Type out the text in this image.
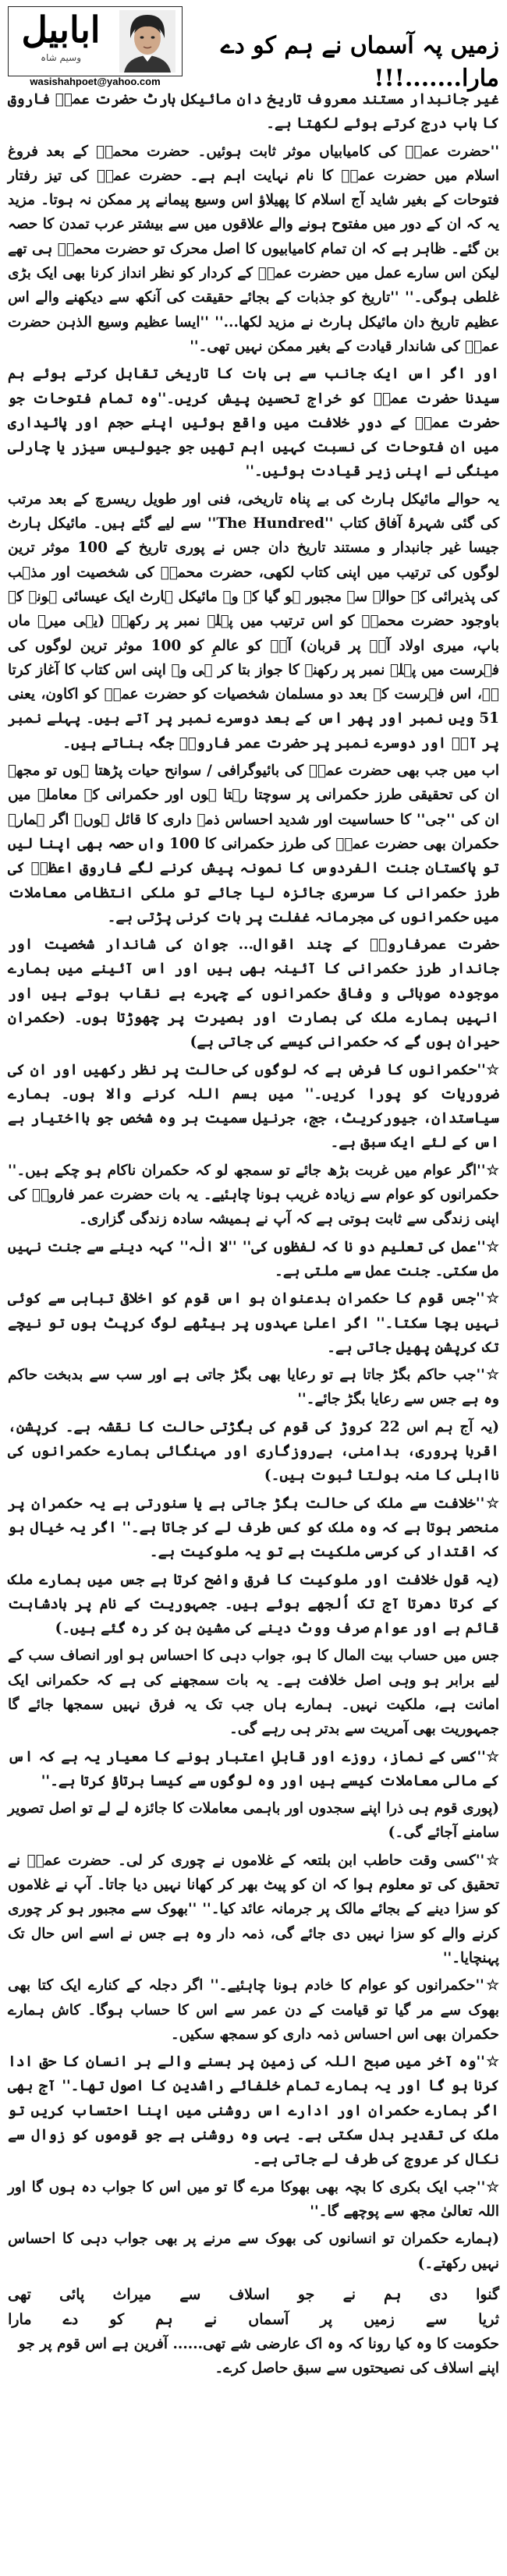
ابابیل
وسیم شاہ
wasishahpoet@yahoo.com
زمیں پہ آسماں نے ہم کو دے مارا.......!!!

غیر جانبدار مستند معروف تاریخ دان مائیکل ہارٹ حضرت عمرؓ فاروق کا باب درج کرتے ہوئے لکھتا ہے۔

''حضرت عمرؓ کی کامیابیاں موثر ثابت ہوئیں۔ حضرت محمدؐ کے بعد فروغ اسلام میں حضرت عمرؓ کا نام نہایت اہم ہے۔ حضرت عمرؓ کی تیز رفتار فتوحات کے بغیر شاید آج اسلام کا پھیلاؤ اس وسیع پیمانے پر ممکن نہ ہوتا۔ مزید یہ کہ ان کے دور میں مفتوح ہونے والے علاقوں میں سے بیشتر عرب تمدن کا حصہ بن گئے۔ ظاہر ہے کہ ان تمام کامیابیوں کا اصل محرک تو حضرت محمدؐ ہی تھے لیکن اس سارے عمل میں حضرت عمرؓ کے کردار کو نظر انداز کرنا بھی ایک بڑی غلطی ہوگی۔'' ''تاریخ کو جذبات کے بجائے حقیقت کی آنکھ سے دیکھنے والے اس عظیم تاریخ دان مائیکل ہارٹ نے مزید لکھا...'' ''ایسا عظیم وسیع الذہن حضرت عمرؓ کی شاندار قیادت کے بغیر ممکن نہیں تھی۔''

اور اگر اس ایک جانب سے ہی بات کا تاریخی تقابل کرتے ہوئے ہم سیدنا حضرت عمرؓ کو خراج تحسین پیش کریں۔''وہ تمام فتوحات جو حضرت عمرؓ کے دورِ خلافت میں واقع ہوئیں اپنے حجم اور پائیداری میں ان فتوحات کی نسبت کہیں اہم تھیں جو جیولیس سیزر یا چارلی مینگی نے اپنی زیر قیادت ہوئیں۔''

یہ حوالے مائیکل ہارٹ کی بے پناہ تاریخی، فنی اور طویل ریسرچ کے بعد مرتب کی گئی شہرۂ آفاق کتاب ''The Hundred'' سے لیے گئے ہیں۔ مائیکل ہارٹ جیسا غیر جانبدار و مستند تاریخ دان جس نے پوری تاریخ کے 100 موثر ترین لوگوں کی ترتیب میں اپنی کتاب لکھی، حضرت محمدؐ کی شخصیت اور مذہب کی پذیرائی کے حوالے سے مجبور ہو گیا کہ وہ مائیکل ہارٹ ایک عیسائی ہونے کے باوجود حضرت محمدؐ کو اس ترتیب میں پہلے نمبر پر رکھے۔ (یہی میرے ماں باپ، میری اولاد آپؐ پر قربان) آپؐ کو عالمِ کو 100 موثر ترین لوگوں کی فہرست میں پہلے نمبر پر رکھنے کا جواز بتا کر ہی وہ اپنی اس کتاب کا آغاز کرتا ہے، اس فہرست کے بعد دو مسلمان شخصیات کو حضرت عمرؓ کو اکاون، یعنی 51 ویں نمبر اور پھر اس کے بعد دوسرے نمبر پر آتے ہیں۔ پہلے نمبر پر آپؐ اور دوسرے نمبر پر حضرت عمر فاروقؓ جگہ بناتے ہیں۔

اب میں جب بھی حضرت عمرؓ کی بائیوگرافی / سوانح حیات پڑھتا ہوں تو مجھے ان کی تحقیقی طرز حکمرانی پر سوچتا رہتا ہوں اور حکمرانی کے معاملے میں ان کی ''جی'' کا حساسیت اور شدید احساس ذمہ داری کا قائل ہوں۔ اگر ہمارے حکمران بھی حضرت عمرؓ کی طرز حکمرانی کا 100 واں حصہ بھی اپنا لیں تو پاکستان جنت الفردوس کا نمونہ پیش کرنے لگے فاروق اعظمؓ کی طرز حکمرانی کا سرسری جائزہ لیا جائے تو ملکی انتظامی معاملات میں حکمرانوں کی مجرمانہ غفلت پر بات کرنی پڑتی ہے۔

حضرت عمرفاروقؓ کے چند اقوال... جوان کی شاندار شخصیت اور جاندار طرز حکمرانی کا آئینہ بھی ہیں اور اس آئینے میں ہمارے موجودہ صوبائی و وفاقی حکمرانوں کے چہرے بے نقاب ہوتے ہیں اور انہیں ہمارے ملک کی بصارت اور بصیرت پر چھوڑتا ہوں۔ (حکمران حیران ہوں گے کہ حکمرانی کیسے کی جاتی ہے)

☆''حکمرانوں کا فرض ہے کہ لوگوں کی حالت پر نظر رکھیں اور ان کی ضروریات کو پورا کریں۔'' میں بسم اللہ کرنے والا ہوں۔ ہمارے سیاستدان، جیورکریٹ، جج، جرنیل سمیت ہر وہ شخص جو بااختیار ہے اس کے لئے ایک سبق ہے۔

☆''اگر عوام میں غربت بڑھ جائے تو سمجھ لو کہ حکمران ناکام ہو چکے ہیں۔'' حکمرانوں کو عوام سے زیادہ غریب ہونا چاہئیے۔ یہ بات حضرت عمر فاروقؓ کی اپنی زندگی سے ثابت ہوتی ہے کہ آپ نے ہمیشہ سادہ زندگی گزاری۔

☆''عمل کی تعلیم دو نا کہ لفظوں کی'' ''لا الٰہ'' کہہ دینے سے جنت نہیں مل سکتی۔ جنت عمل سے ملتی ہے۔

☆''جس قوم کا حکمران بدعنوان ہو اس قوم کو اخلاقی تباہی سے کوئی نہیں بچا سکتا۔'' اگر اعلیٰ عہدوں پر بیٹھے لوگ کرپٹ ہوں تو نیچے تک کرپشن پھیل جاتی ہے۔

☆''جب حاکم بگڑ جاتا ہے تو رعایا بھی بگڑ جاتی ہے اور سب سے بدبخت حاکم وہ ہے جس سے رعایا بگڑ جائے۔''

(یہ آج ہم اس 22 کروڑ کی قوم کی بگڑتی حالت کا نقشہ ہے۔ کرپشن، اقربا پروری، بدامنی، بےروزگاری اور مہنگائی ہمارے حکمرانوں کی نااہلی کا منہ بولتا ثبوت ہیں۔)

☆''خلافت سے ملک کی حالت بگڑ جاتی ہے یا سنورتی ہے یہ حکمران پر منحصر ہوتا ہے کہ وہ ملک کو کس طرف لے کر جاتا ہے۔'' اگر یہ خیال ہو کہ اقتدار کی کرسی ملکیت ہے تو یہ ملوکیت ہے۔

(یہ قول خلافت اور ملوکیت کا فرق واضح کرتا ہے جس میں ہمارے ملک کے کرتا دھرتا آج تک اُلجھے ہوئے ہیں۔ جمہوریت کے نام پر بادشاہت قائم ہے اور عوام صرف ووٹ دینے کی مشین بن کر رہ گئے ہیں۔)

جس میں حساب بیت المال کا ہو، جواب دہی کا احساس ہو اور انصاف سب کے لیے برابر ہو وہی اصل خلافت ہے۔ یہ بات سمجھنے کی ہے کہ حکمرانی ایک امانت ہے، ملکیت نہیں۔ ہمارے ہاں جب تک یہ فرق نہیں سمجھا جائے گا جمہوریت بھی آمریت سے بدتر ہی رہے گی۔

☆''کسی کے نماز، روزے اور قابلِ اعتبار ہونے کا معیار یہ ہے کہ اس کے مالی معاملات کیسے ہیں اور وہ لوگوں سے کیسا برتاؤ کرتا ہے۔''

(پوری قوم ہی ذرا اپنے سجدوں اور باہمی معاملات کا جائزہ لے لے تو اصل تصویر سامنے آجائے گی۔)

☆''کسی وقت حاطب ابن بلتعہ کے غلاموں نے چوری کر لی۔ حضرت عمرؓ نے تحقیق کی تو معلوم ہوا کہ ان کو پیٹ بھر کر کھانا نہیں دیا جاتا۔ آپ نے غلاموں کو سزا دینے کے بجائے مالک پر جرمانہ عائد کیا۔'' ''بھوک سے مجبور ہو کر چوری کرنے والے کو سزا نہیں دی جائے گی، ذمہ دار وہ ہے جس نے اسے اس حال تک پہنچایا۔''

☆''حکمرانوں کو عوام کا خادم ہونا چاہئیے۔'' اگر دجلہ کے کنارے ایک کتا بھی بھوک سے مر گیا تو قیامت کے دن عمر سے اس کا حساب ہوگا۔ کاش ہمارے حکمران بھی اس احساس ذمہ داری کو سمجھ سکیں۔

☆''وہ آخر میں صبح اللہ کی زمین پر بسنے والے ہر انسان کا حق ادا کرنا ہو گا اور یہ ہمارے تمام خلفائے راشدین کا اصول تھا۔'' آج بھی اگر ہمارے حکمران اور ادارے اس روشنی میں اپنا احتساب کریں تو ملک کی تقدیر بدل سکتی ہے۔ یہی وہ روشنی ہے جو قوموں کو زوال سے نکال کر عروج کی طرف لے جاتی ہے۔

☆''جب ایک بکری کا بچہ بھی بھوکا مرے گا تو میں اس کا جواب دہ ہوں گا اور اللہ تعالیٰ مجھ سے پوچھے گا۔''

(ہمارے حکمران تو انسانوں کی بھوک سے مرنے پر بھی جواب دہی کا احساس نہیں رکھتے۔)

گنوا
دی
ہم
نے
جو
اسلاف
سے
میراث
پائی
تھی
ثریا
سے
زمیں
پر
آسماں
نے
ہم
کو
دے
مارا

حکومت کا وہ کیا رونا کہ وہ اک عارضی شے تھی...... آفرین ہے اس قوم پر جو اپنے اسلاف کی نصیحتوں سے سبق حاصل کرے۔
